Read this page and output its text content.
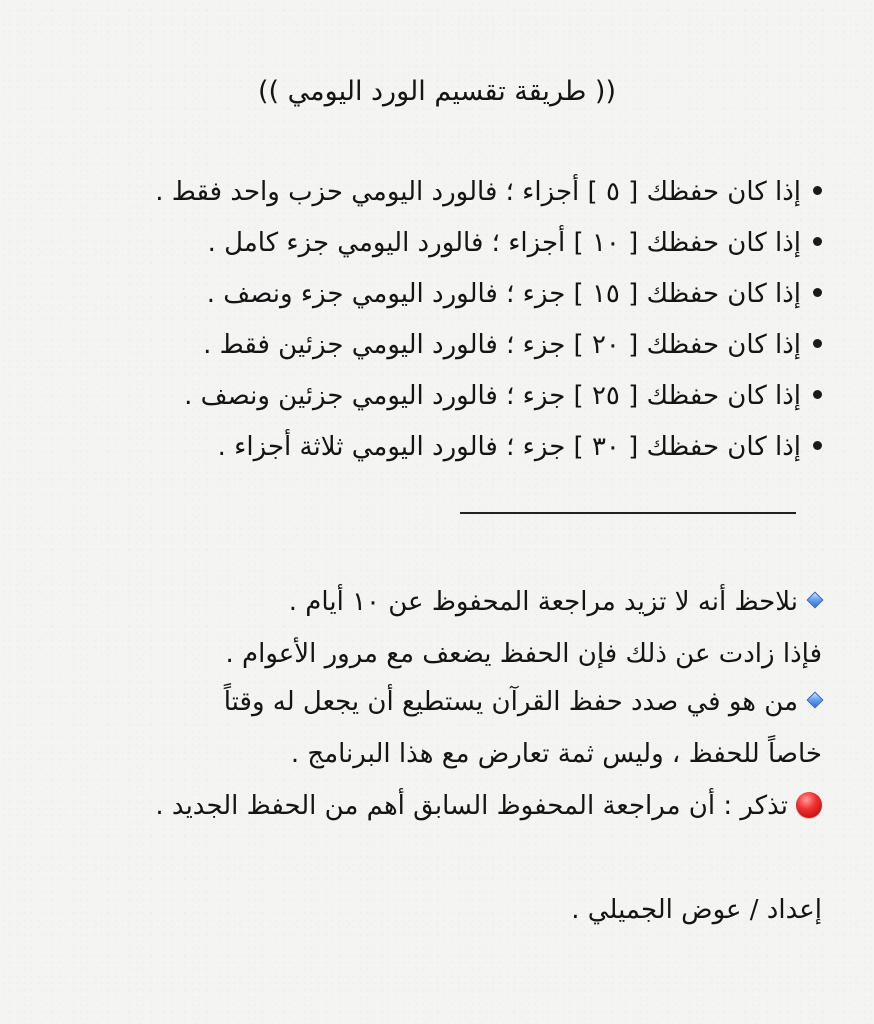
(( طريقة تقسيم الورد اليومي ))
إذا كان حفظك [ ٥ ] أجزاء ؛ فالورد اليومي حزب واحد فقط .
إذا كان حفظك [ ١٠ ] أجزاء ؛ فالورد اليومي جزء كامل .
إذا كان حفظك [ ١٥ ] جزء ؛ فالورد اليومي جزء ونصف .
إذا كان حفظك [ ٢٠ ] جزء ؛ فالورد اليومي جزئين فقط .
إذا كان حفظك [ ٢٥ ] جزء ؛ فالورد اليومي جزئين ونصف .
إذا كان حفظك [ ٣٠ ] جزء ؛ فالورد اليومي ثلاثة أجزاء .
نلاحظ أنه لا تزيد مراجعة المحفوظ عن ١٠ أيام .
فإذا زادت عن ذلك فإن الحفظ يضعف مع مرور الأعوام .
من هو في صدد حفظ القرآن يستطيع أن يجعل له وقتاً
خاصاً للحفظ ، وليس ثمة تعارض مع هذا البرنامج .
تذكر : أن مراجعة المحفوظ السابق أهم من الحفظ الجديد .
إعداد / عوض الجميلي .
